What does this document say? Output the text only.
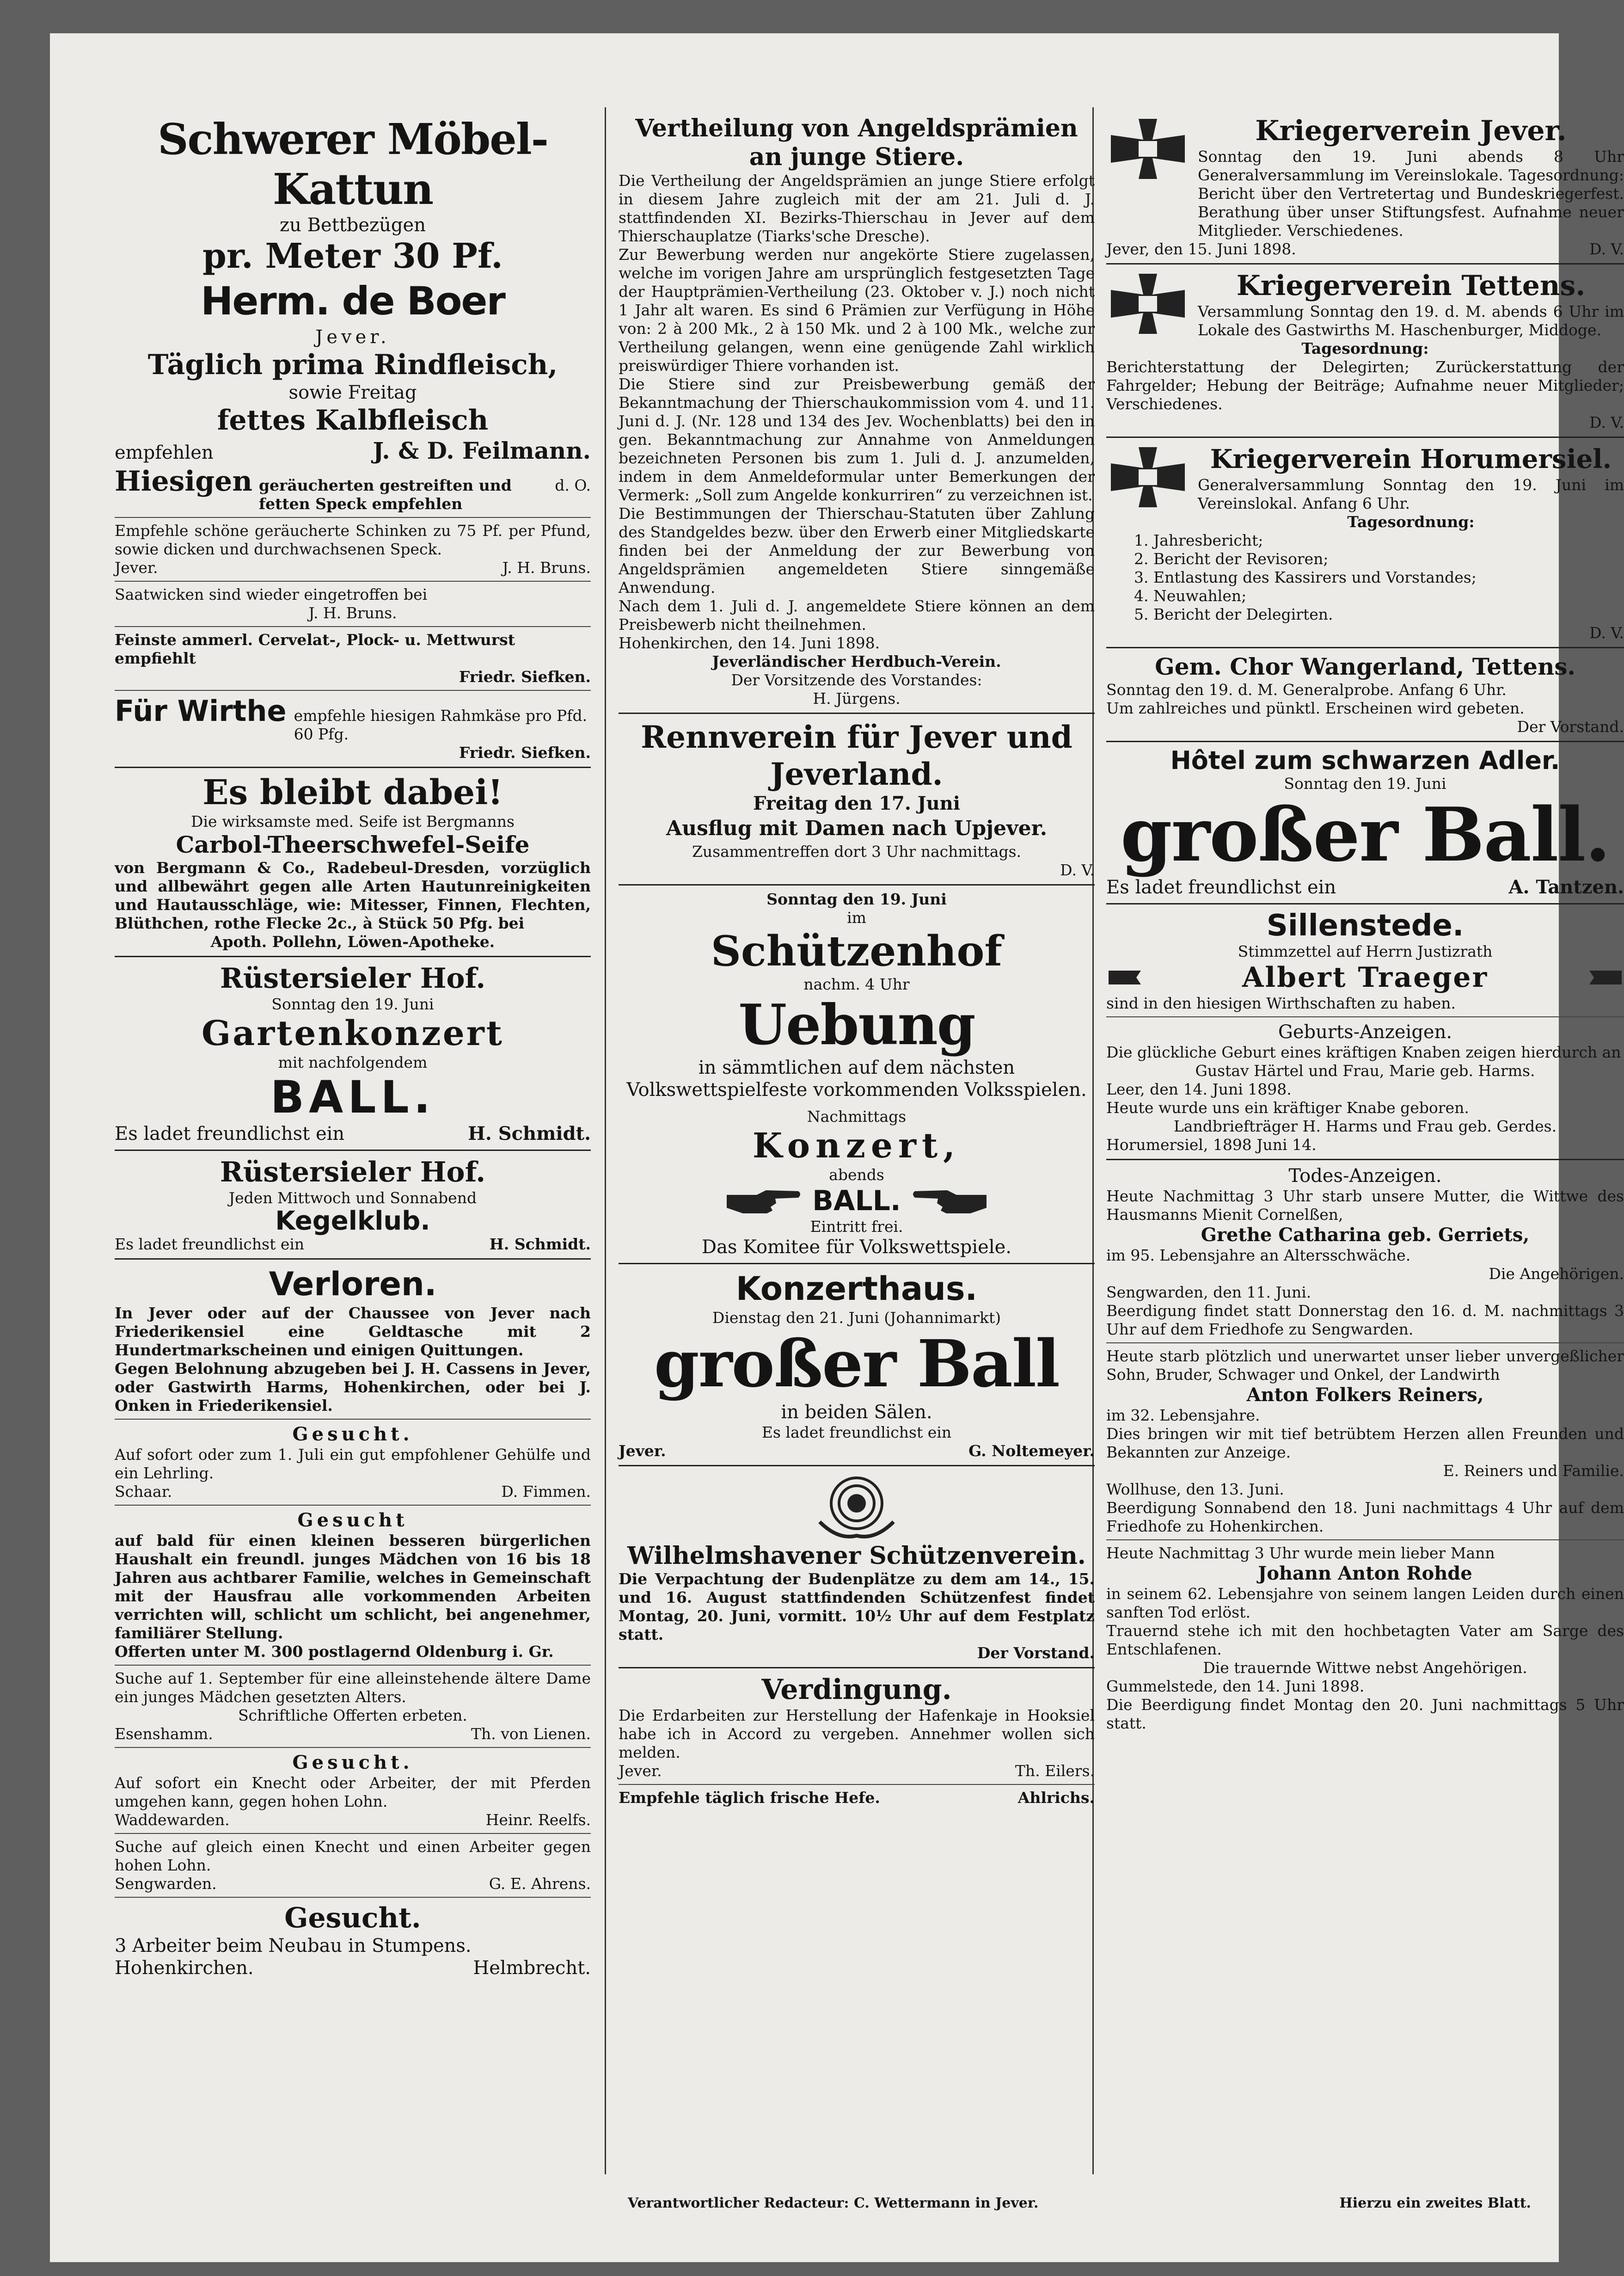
Schwerer Möbel-Kattun
zu Bettbezügen
pr. Meter 30 Pf.
Herm. de Boer
Jever.
Täglich prima Rindfleisch,
sowie Freitag
fettes Kalbfleisch
empfehlen	J. & D. Feilmann.
Hiesigen geräucherten gestreiften und fetten Speck empfehlen
d. O.
Empfehle schöne geräucherte Schinken zu 75 Pf. per Pfund, sowie dicken und durchwachsenen Speck.
Jever.	J. H. Bruns.
Saatwicken sind wieder eingetroffen bei
J. H. Bruns.
Feinste ammerl. Cervelat-, Plock- u. Mettwurst empfiehlt
Friedr. Siefken.
Für Wirthe empfehle hiesigen Rahmkäse pro Pfd. 60 Pfg.
Friedr. Siefken.
Es bleibt dabei!
Die wirksamste med. Seife ist Bergmanns
Carbol-Theerschwefel-Seife
von Bergmann & Co., Radebeul-Dresden, vorzüglich und allbewährt gegen alle Arten Hautunreinigkeiten und Hautausschläge, wie: Mitesser, Finnen, Flechten, Blüthchen, rothe Flecke 2c., à Stück 50 Pfg. bei
Apoth. Pollehn, Löwen-Apotheke.
Rüstersieler Hof.
Sonntag den 19. Juni
Gartenkonzert
mit nachfolgendem
BALL.
Es ladet freundlichst ein	H. Schmidt.
Rüstersieler Hof.
Jeden Mittwoch und Sonnabend
Kegelklub.
Es ladet freundlichst ein	H. Schmidt.
Verloren.
In Jever oder auf der Chaussee von Jever nach Friederikensiel eine Geldtasche mit 2 Hundertmarkscheinen und einigen Quittungen.
Gegen Belohnung abzugeben bei J. H. Cassens in Jever, oder Gastwirth Harms, Hohenkirchen, oder bei J. Onken in Friederikensiel.
Gesucht.
Auf sofort oder zum 1. Juli ein gut empfohlener Gehülfe und ein Lehrling.
Schaar.	D. Fimmen.
Gesucht
auf bald für einen kleinen besseren bürgerlichen Haushalt ein freundl. junges Mädchen von 16 bis 18 Jahren aus achtbarer Familie, welches in Gemeinschaft mit der Hausfrau alle vorkommenden Arbeiten verrichten will, schlicht um schlicht, bei angenehmer, familiärer Stellung.
Offerten unter M. 300 postlagernd Oldenburg i. Gr.
Suche auf 1. September für eine alleinstehende ältere Dame ein junges Mädchen gesetzten Alters.
Schriftliche Offerten erbeten.
Esenshamm.	Th. von Lienen.
Gesucht.
Auf sofort ein Knecht oder Arbeiter, der mit Pferden umgehen kann, gegen hohen Lohn.
Waddewarden.	Heinr. Reelfs.
Suche auf gleich einen Knecht und einen Arbeiter gegen hohen Lohn.
Sengwarden.	G. E. Ahrens.
Gesucht.
3 Arbeiter beim Neubau in Stumpens.
Hohenkirchen.	Helmbrecht.
Vertheilung von Angeldsprämien an junge Stiere.
Die Vertheilung der Angeldsprämien an junge Stiere erfolgt in diesem Jahre zugleich mit der am 21. Juli d. J. stattfindenden XI. Bezirks-Thierschau in Jever auf dem Thierschauplatze (Tiarks'sche Dresche).
Zur Bewerbung werden nur angekörte Stiere zugelassen, welche im vorigen Jahre am ursprünglich festgesetzten Tage der Hauptprämien-Vertheilung (23. Oktober v. J.) noch nicht 1 Jahr alt waren. Es sind 6 Prämien zur Verfügung in Höhe von: 2 à 200 Mk., 2 à 150 Mk. und 2 à 100 Mk., welche zur Vertheilung gelangen, wenn eine genügende Zahl wirklich preiswürdiger Thiere vorhanden ist.
Die Stiere sind zur Preisbewerbung gemäß der Bekanntmachung der Thierschaukommission vom 4. und 11. Juni d. J. (Nr. 128 und 134 des Jev. Wochenblatts) bei den in gen. Bekanntmachung zur Annahme von Anmeldungen bezeichneten Personen bis zum 1. Juli d. J. anzumelden, indem in dem Anmeldeformular unter Bemerkungen der Vermerk: „Soll zum Angelde konkurriren“ zu verzeichnen ist.
Die Bestimmungen der Thierschau-Statuten über Zahlung des Standgeldes bezw. über den Erwerb einer Mitgliedskarte finden bei der Anmeldung der zur Bewerbung von Angeldsprämien angemeldeten Stiere sinngemäße Anwendung.
Nach dem 1. Juli d. J. angemeldete Stiere können an dem Preisbewerb nicht theilnehmen.
Hohenkirchen, den 14. Juni 1898.
Jeverländischer Herdbuch-Verein.
Der Vorsitzende des Vorstandes:
H. Jürgens.
Rennverein für Jever und Jeverland.
Freitag den 17. Juni
Ausflug mit Damen nach Upjever.
Zusammentreffen dort 3 Uhr nachmittags.
D. V.
Sonntag den 19. Juni
im
Schützenhof
nachm. 4 Uhr
Uebung
in sämmtlichen auf dem nächsten Volkswettspielfeste vorkommenden Volksspielen.
Nachmittags
Konzert,
abends
BALL.
Eintritt frei.
Das Komitee für Volkswettspiele.
Konzerthaus.
Dienstag den 21. Juni (Johannimarkt)
großer Ball
in beiden Sälen.
Es ladet freundlichst ein
Jever.	G. Noltemeyer.
Wilhelmshavener Schützenverein.
Die Verpachtung der Budenplätze zu dem am 14., 15. und 16. August stattfindenden Schützenfest findet Montag, 20. Juni, vormitt. 10½ Uhr auf dem Festplatz statt.
Der Vorstand.
Verdingung.
Die Erdarbeiten zur Herstellung der Hafenkaje in Hooksiel habe ich in Accord zu vergeben. Annehmer wollen sich melden.
Jever.	Th. Eilers.
Empfehle täglich frische Hefe.	Ahlrichs.
Kriegerverein Jever.
Sonntag den 19. Juni abends 8 Uhr Generalversammlung im Vereinslokale. Tagesordnung: Bericht über den Vertretertag und Bundeskriegerfest. Berathung über unser Stiftungsfest. Aufnahme neuer Mitglieder. Verschiedenes.
Jever, den 15. Juni 1898.	D. V.
Kriegerverein Tettens.
Versammlung Sonntag den 19. d. M. abends 6 Uhr im Lokale des Gastwirths M. Haschenburger, Middoge.
Tagesordnung:
Berichterstattung der Delegirten; Zurückerstattung der Fahrgelder; Hebung der Beiträge; Aufnahme neuer Mitglieder; Verschiedenes.
D. V.
Kriegerverein Horumersiel.
Generalversammlung Sonntag den 19. Juni im Vereinslokal. Anfang 6 Uhr.
Tagesordnung:
1. Jahresbericht;
2. Bericht der Revisoren;
3. Entlastung des Kassirers und Vorstandes;
4. Neuwahlen;
5. Bericht der Delegirten.
D. V.
Gem. Chor Wangerland, Tettens.
Sonntag den 19. d. M. Generalprobe. Anfang 6 Uhr.
Um zahlreiches und pünktl. Erscheinen wird gebeten.
Der Vorstand.
Hôtel zum schwarzen Adler.
Sonntag den 19. Juni
großer Ball.
Es ladet freundlichst ein	A. Tantzen.
Sillenstede.
Stimmzettel auf Herrn Justizrath
Albert Traeger
sind in den hiesigen Wirthschaften zu haben.
Geburts-Anzeigen.
Die glückliche Geburt eines kräftigen Knaben zeigen hierdurch an
Gustav Härtel und Frau, Marie geb. Harms.
Leer, den 14. Juni 1898.
Heute wurde uns ein kräftiger Knabe geboren.
Landbriefträger H. Harms und Frau geb. Gerdes.
Horumersiel, 1898 Juni 14.
Todes-Anzeigen.
Heute Nachmittag 3 Uhr starb unsere Mutter, die Wittwe des Hausmanns Mienit Cornelßen,
Grethe Catharina geb. Gerriets,
im 95. Lebensjahre an Altersschwäche.
Die Angehörigen.
Sengwarden, den 11. Juni.
Beerdigung findet statt Donnerstag den 16. d. M. nachmittags 3 Uhr auf dem Friedhofe zu Sengwarden.
Heute starb plötzlich und unerwartet unser lieber unvergeßlicher Sohn, Bruder, Schwager und Onkel, der Landwirth
Anton Folkers Reiners,
im 32. Lebensjahre.
Dies bringen wir mit tief betrübtem Herzen allen Freunden und Bekannten zur Anzeige.
E. Reiners und Familie.
Wollhuse, den 13. Juni.
Beerdigung Sonnabend den 18. Juni nachmittags 4 Uhr auf dem Friedhofe zu Hohenkirchen.
Heute Nachmittag 3 Uhr wurde mein lieber Mann
Johann Anton Rohde
in seinem 62. Lebensjahre von seinem langen Leiden durch einen sanften Tod erlöst.
Trauernd stehe ich mit den hochbetagten Vater am Sarge des Entschlafenen.
Die trauernde Wittwe nebst Angehörigen.
Gummelstede, den 14. Juni 1898.
Die Beerdigung findet Montag den 20. Juni nachmittags 5 Uhr statt.
Verantwortlicher Redacteur: C. Wettermann in Jever.	Hierzu ein zweites Blatt.
